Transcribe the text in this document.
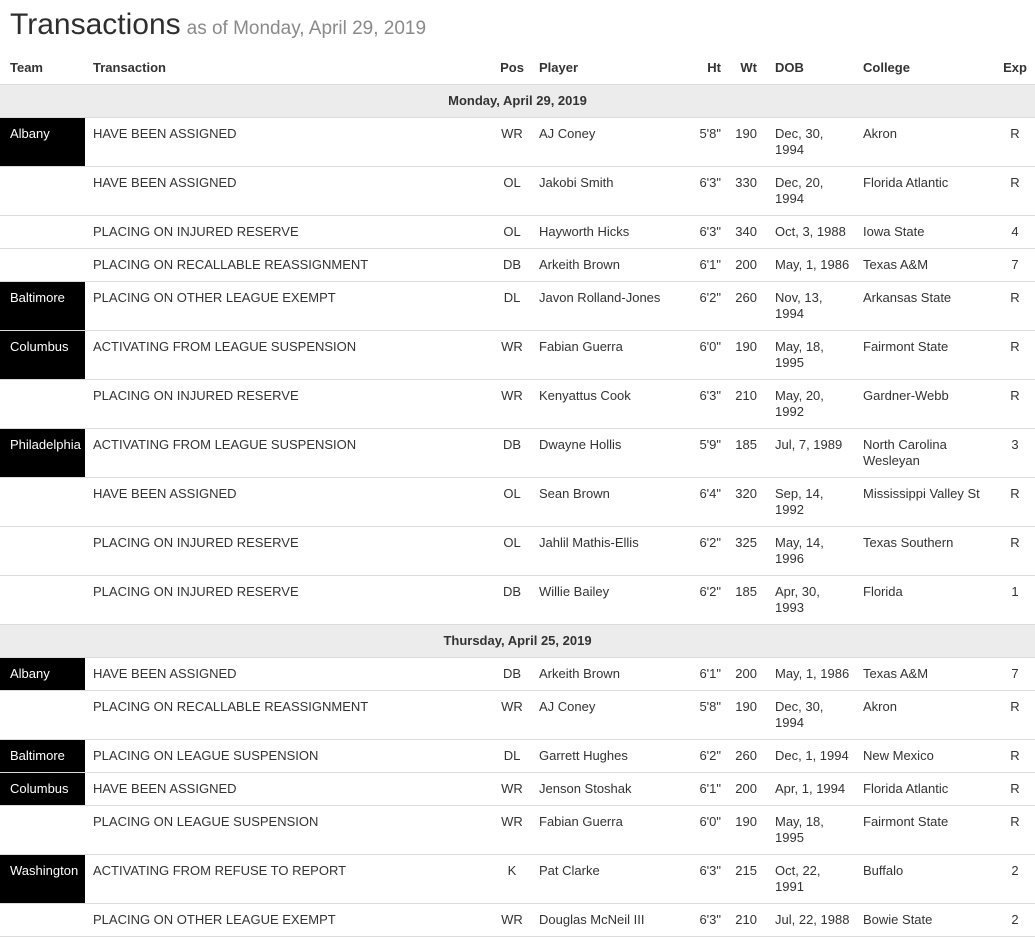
Transactions as of Monday, April 29, 2019
Team	Transaction	Pos	Player	Ht	Wt	DOB	College	Exp
Monday, April 29, 2019								
Albany	HAVE BEEN ASSIGNED	WR	AJ Coney	5'8"	190	Dec, 30, 1994	Akron	R
	HAVE BEEN ASSIGNED	OL	Jakobi Smith	6'3"	330	Dec, 20, 1994	Florida Atlantic	R
	PLACING ON INJURED RESERVE	OL	Hayworth Hicks	6'3"	340	Oct, 3, 1988	Iowa State	4
	PLACING ON RECALLABLE REASSIGNMENT	DB	Arkeith Brown	6'1"	200	May, 1, 1986	Texas A&M	7
Baltimore	PLACING ON OTHER LEAGUE EXEMPT	DL	Javon Rolland-Jones	6'2"	260	Nov, 13, 1994	Arkansas State	R
Columbus	ACTIVATING FROM LEAGUE SUSPENSION	WR	Fabian Guerra	6'0"	190	May, 18, 1995	Fairmont State	R
	PLACING ON INJURED RESERVE	WR	Kenyattus Cook	6'3"	210	May, 20, 1992	Gardner-Webb	R
Philadelphia	ACTIVATING FROM LEAGUE SUSPENSION	DB	Dwayne Hollis	5'9"	185	Jul, 7, 1989	North Carolina Wesleyan	3
	HAVE BEEN ASSIGNED	OL	Sean Brown	6'4"	320	Sep, 14, 1992	Mississippi Valley St	R
	PLACING ON INJURED RESERVE	OL	Jahlil Mathis-Ellis	6'2"	325	May, 14, 1996	Texas Southern	R
	PLACING ON INJURED RESERVE	DB	Willie Bailey	6'2"	185	Apr, 30, 1993	Florida	1
Thursday, April 25, 2019								
Albany	HAVE BEEN ASSIGNED	DB	Arkeith Brown	6'1"	200	May, 1, 1986	Texas A&M	7
	PLACING ON RECALLABLE REASSIGNMENT	WR	AJ Coney	5'8"	190	Dec, 30, 1994	Akron	R
Baltimore	PLACING ON LEAGUE SUSPENSION	DL	Garrett Hughes	6'2"	260	Dec, 1, 1994	New Mexico	R
Columbus	HAVE BEEN ASSIGNED	WR	Jenson Stoshak	6'1"	200	Apr, 1, 1994	Florida Atlantic	R
	PLACING ON LEAGUE SUSPENSION	WR	Fabian Guerra	6'0"	190	May, 18, 1995	Fairmont State	R
Washington	ACTIVATING FROM REFUSE TO REPORT	K	Pat Clarke	6'3"	215	Oct, 22, 1991	Buffalo	2
	PLACING ON OTHER LEAGUE EXEMPT	WR	Douglas McNeil III	6'3"	210	Jul, 22, 1988	Bowie State	2
